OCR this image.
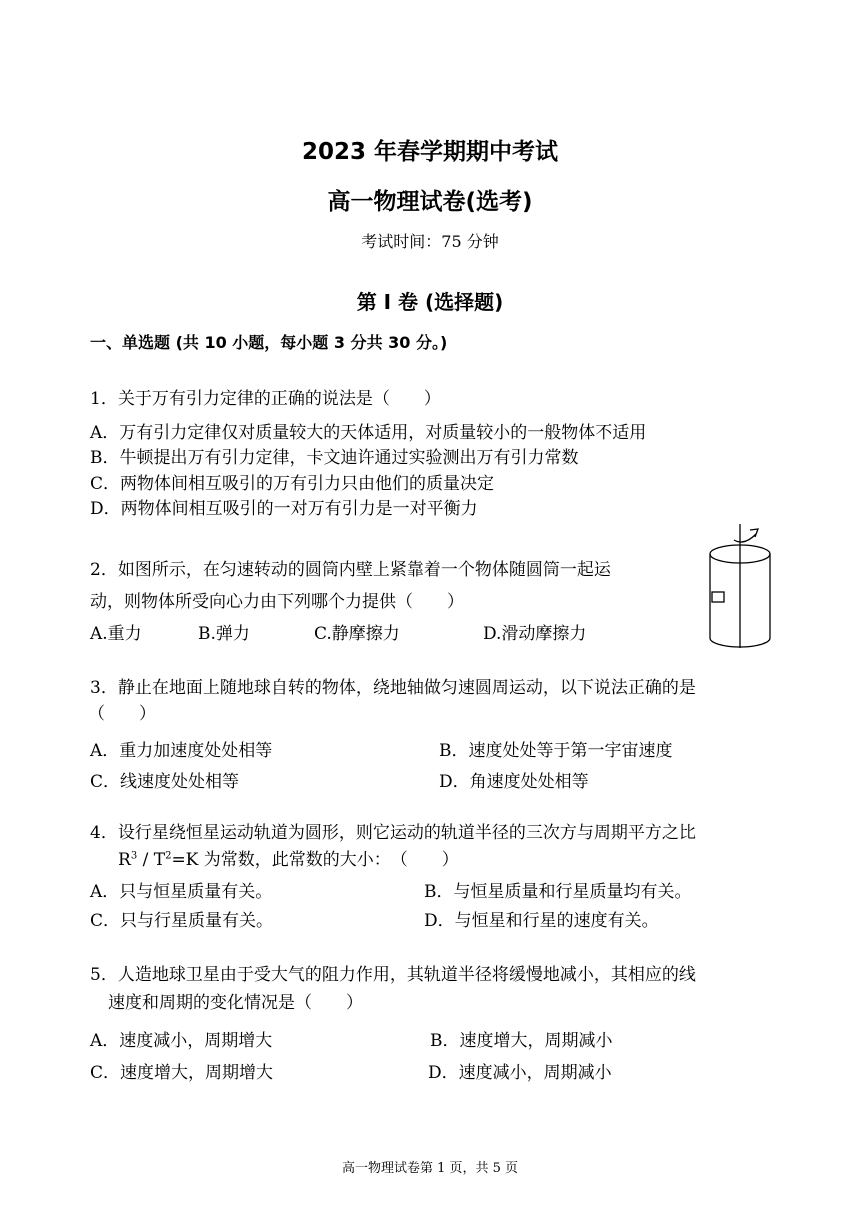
2023 年春学期期中考试
高一物理试卷(选考)
考试时间：75 分钟
第 I 卷 (选择题)
一、单选题 (共 10 小题，每小题 3 分共 30 分。)
1．关于万有引力定律的正确的说法是（　　）
A．万有引力定律仅对质量较大的天体适用，对质量较小的一般物体不适用
B．牛顿提出万有引力定律，卡文迪许通过实验测出万有引力常数
C．两物体间相互吸引的万有引力只由他们的质量决定
D．两物体间相互吸引的一对万有引力是一对平衡力
2．如图所示，在匀速转动的圆筒内壁上紧靠着一个物体随圆筒一起运
动，则物体所受向心力由下列哪个力提供（　　）
A.重力	B.弹力	C.静摩擦力	D.滑动摩擦力
3．静止在地面上随地球自转的物体，绕地轴做匀速圆周运动，以下说法正确的是
（　　）
A．重力加速度处处相等	B．速度处处等于第一宇宙速度
C．线速度处处相等	D．角速度处处相等
4．设行星绕恒星运动轨道为圆形，则它运动的轨道半径的三次方与周期平方之比
$R^3 / T^2=K$ 为常数，此常数的大小：　（　　）
A．只与恒星质量有关。	B．与恒星质量和行星质量均有关。
C．只与行星质量有关。	D．与恒星和行星的速度有关。
5．人造地球卫星由于受大气的阻力作用，其轨道半径将缓慢地减小，其相应的线
速度和周期的变化情况是（　　）
A．速度减小，周期增大	B．速度增大，周期减小
C．速度增大，周期增大	D．速度减小，周期减小
高一物理试卷第 1 页，共 5 页
